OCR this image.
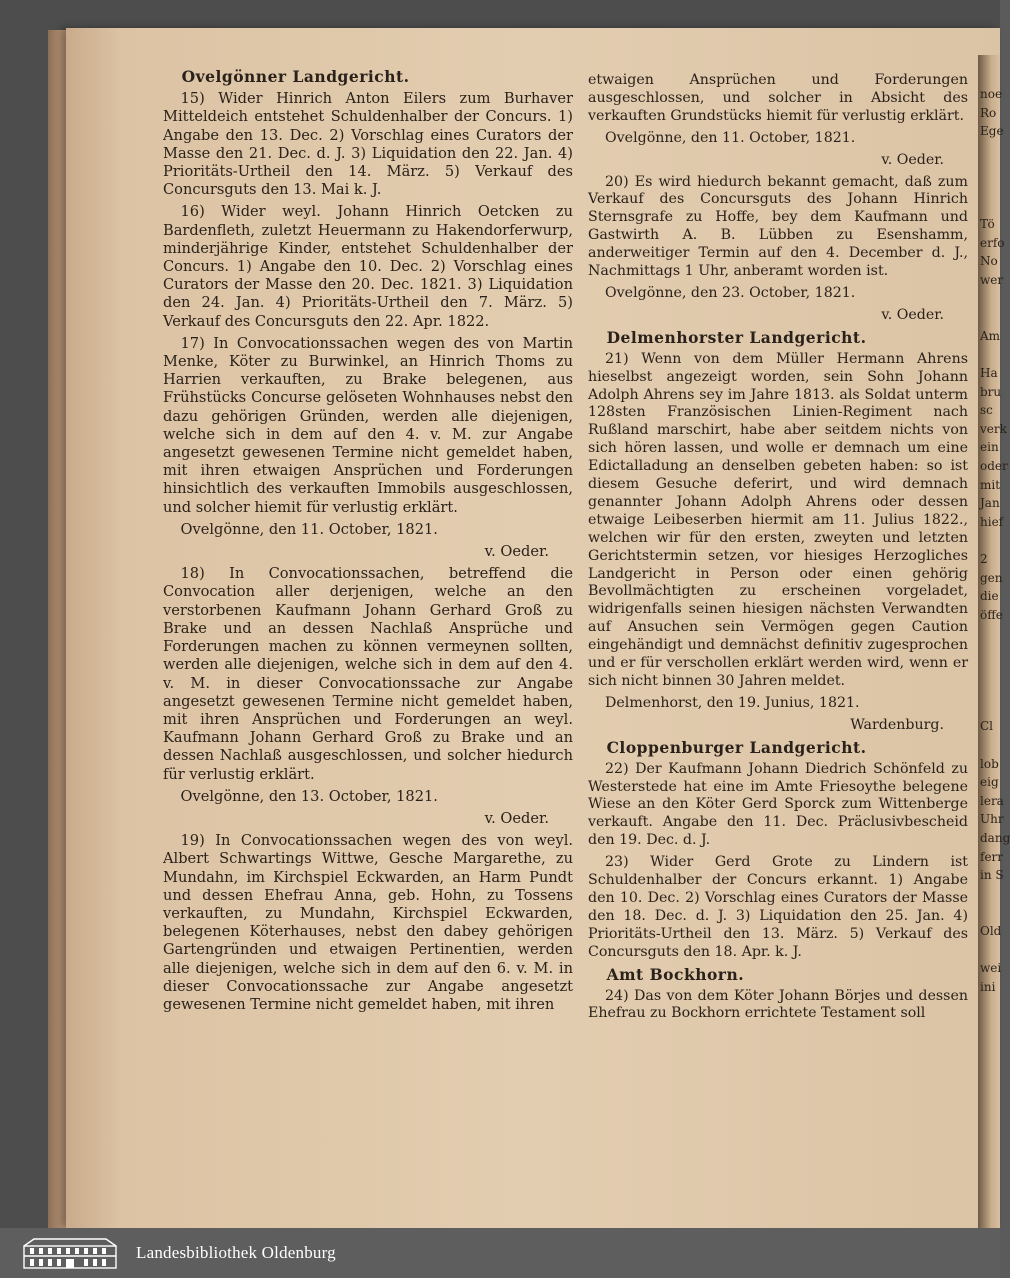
Ovelgönner Landgericht.

15) Wider Hinrich Anton Eilers zum Burhaver Mitteldeich entstehet Schuldenhalber der Concurs. 1) Angabe den 13. Dec. 2) Vorschlag eines Curators der Masse den 21. Dec. d. J. 3) Liquidation den 22. Jan. 4) Prioritäts-Urtheil den 14. März. 5) Verkauf des Concursguts den 13. Mai k. J.

16) Wider weyl. Johann Hinrich Oetcken zu Bardenfleth, zuletzt Heuermann zu Hakendorferwurp, minderjährige Kinder, entstehet Schuldenhalber der Concurs. 1) Angabe den 10. Dec. 2) Vorschlag eines Curators der Masse den 20. Dec. 1821. 3) Liquidation den 24. Jan. 4) Prioritäts-Urtheil den 7. März. 5) Verkauf des Concursguts den 22. Apr. 1822.

17) In Convocationssachen wegen des von Martin Menke, Köter zu Burwinkel, an Hinrich Thoms zu Harrien verkauften, zu Brake belegenen, aus Frühstücks Concurse gelöseten Wohnhauses nebst den dazu gehörigen Gründen, werden alle diejenigen, welche sich in dem auf den 4. v. M. zur Angabe angesetzt gewesenen Termine nicht gemeldet haben, mit ihren etwaigen Ansprüchen und Forderungen hinsichtlich des verkauften Immobils ausgeschlossen, und solcher hiemit für verlustig erklärt.

Ovelgönne, den 11. October, 1821.

v. Oeder.

18) In Convocationssachen, betreffend die Convocation aller derjenigen, welche an den verstorbenen Kaufmann Johann Gerhard Groß zu Brake und an dessen Nachlaß Ansprüche und Forderungen machen zu können vermeynen sollten, werden alle diejenigen, welche sich in dem auf den 4. v. M. in dieser Convocationssache zur Angabe angesetzt gewesenen Termine nicht gemeldet haben, mit ihren Ansprüchen und Forderungen an weyl. Kaufmann Johann Gerhard Groß zu Brake und an dessen Nachlaß ausgeschlossen, und solcher hiedurch für verlustig erklärt.

Ovelgönne, den 13. October, 1821.

v. Oeder.

19) In Convocationssachen wegen des von weyl. Albert Schwartings Wittwe, Gesche Margarethe, zu Mundahn, im Kirchspiel Eckwarden, an Harm Pundt und dessen Ehefrau Anna, geb. Hohn, zu Tossens verkauften, zu Mundahn, Kirchspiel Eckwarden, belegenen Köterhauses, nebst den dabey gehörigen Gartengründen und etwaigen Pertinentien, werden alle diejenigen, welche sich in dem auf den 6. v. M. in dieser Convocationssache zur Angabe angesetzt gewesenen Termine nicht gemeldet haben, mit ihren

etwaigen Ansprüchen und Forderungen ausgeschlossen, und solcher in Absicht des verkauften Grundstücks hiemit für verlustig erklärt.

Ovelgönne, den 11. October, 1821.

v. Oeder.

20) Es wird hiedurch bekannt gemacht, daß zum Verkauf des Concursguts des Johann Hinrich Sternsgrafe zu Hoffe, bey dem Kaufmann und Gastwirth A. B. Lübben zu Esenshamm, anderweitiger Termin auf den 4. December d. J., Nachmittags 1 Uhr, anberamt worden ist.

Ovelgönne, den 23. October, 1821.

v. Oeder.

Delmenhorster Landgericht.

21) Wenn von dem Müller Hermann Ahrens hieselbst angezeigt worden, sein Sohn Johann Adolph Ahrens sey im Jahre 1813. als Soldat unterm 128sten Französischen Linien-Regiment nach Rußland marschirt, habe aber seitdem nichts von sich hören lassen, und wolle er demnach um eine Edictalladung an denselben gebeten haben: so ist diesem Gesuche deferirt, und wird demnach genannter Johann Adolph Ahrens oder dessen etwaige Leibeserben hiermit am 11. Julius 1822., welchen wir für den ersten, zweyten und letzten Gerichtstermin setzen, vor hiesiges Herzogliches Landgericht in Person oder einen gehörig Bevollmächtigten zu erscheinen vorgeladet, widrigenfalls seinen hiesigen nächsten Verwandten auf Ansuchen sein Vermögen gegen Caution eingehändigt und demnächst definitiv zugesprochen und er für verschollen erklärt werden wird, wenn er sich nicht binnen 30 Jahren meldet.

Delmenhorst, den 19. Junius, 1821.

Wardenburg.

Cloppenburger Landgericht.

22) Der Kaufmann Johann Diedrich Schönfeld zu Westerstede hat eine im Amte Friesoythe belegene Wiese an den Köter Gerd Sporck zum Wittenberge verkauft. Angabe den 11. Dec. Präclusivbescheid den 19. Dec. d. J.

23) Wider Gerd Grote zu Lindern ist Schuldenhalber der Concurs erkannt. 1) Angabe den 10. Dec. 2) Vorschlag eines Curators der Masse den 18. Dec. d. J. 3) Liquidation den 25. Jan. 4) Prioritäts-Urtheil den 13. März. 5) Verkauf des Concursguts den 18. Apr. k. J.

Amt Bockhorn.

24) Das von dem Köter Johann Börjes und dessen Ehefrau zu Bockhorn errichtete Testament soll

noe
Ro
Ege
Tö
erfo
No
wer
Am
Ha
bru
sc
verk
ein
oder
mit
Jan
hief
2
gen
die
öffe
Cl
lob
eig
lera
Uhr
dang
ferr
in S
Old
wei
ini
Landesbibliothek Oldenburg
